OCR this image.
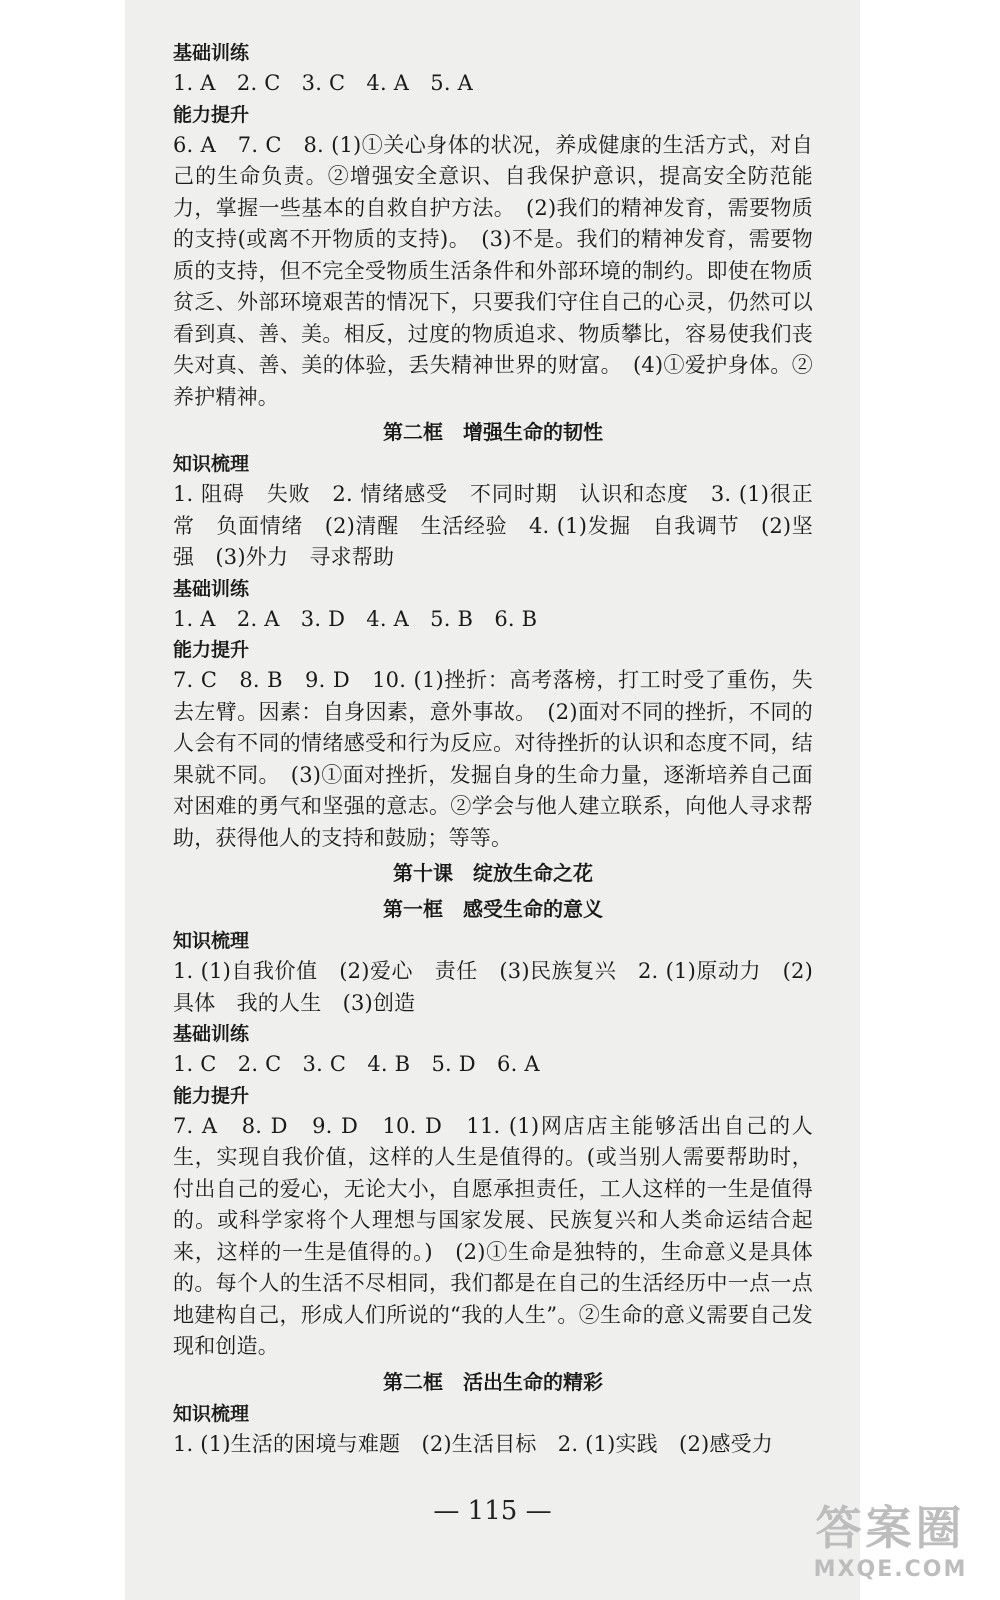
基础训练

1. A　2. C　3. C　4. A　5. A

能力提升

6. A　7. C　8. (1)①关心身体的状况，养成健康的生活方式，对自己的生命负责。②增强安全意识、自我保护意识，提高安全防范能力，掌握一些基本的自救自护方法。　(2)我们的精神发育，需要物质的支持(或离不开物质的支持)。　(3)不是。我们的精神发育，需要物质的支持，但不完全受物质生活条件和外部环境的制约。即使在物质贫乏、外部环境艰苦的情况下，只要我们守住自己的心灵，仍然可以看到真、善、美。相反，过度的物质追求、物质攀比，容易使我们丧失对真、善、美的体验，丢失精神世界的财富。　(4)①爱护身体。②养护精神。

第二框　增强生命的韧性

知识梳理

1. 阻碍　失败　2. 情绪感受　不同时期　认识和态度　3. (1)很正常　负面情绪　(2)清醒　生活经验　4. (1)发掘　自我调节　(2)坚强　(3)外力　寻求帮助

基础训练

1. A　2. A　3. D　4. A　5. B　6. B

能力提升

7. C　8. B　9. D　10. (1)挫折：高考落榜，打工时受了重伤，失去左臂。因素：自身因素，意外事故。　(2)面对不同的挫折，不同的人会有不同的情绪感受和行为反应。对待挫折的认识和态度不同，结果就不同。　(3)①面对挫折，发掘自身的生命力量，逐渐培养自己面对困难的勇气和坚强的意志。②学会与他人建立联系，向他人寻求帮助，获得他人的支持和鼓励；等等。

第十课　绽放生命之花

第一框　感受生命的意义

知识梳理

1. (1)自我价值　(2)爱心　责任　(3)民族复兴　2. (1)原动力　(2)具体　我的人生　(3)创造

基础训练

1. C　2. C　3. C　4. B　5. D　6. A

能力提升

7. A　8. D　9. D　10. D　11. (1)网店店主能够活出自己的人生，实现自我价值，这样的人生是值得的。(或当别人需要帮助时，付出自己的爱心，无论大小，自愿承担责任，工人这样的一生是值得的。或科学家将个人理想与国家发展、民族复兴和人类命运结合起来，这样的一生是值得的。)　(2)①生命是独特的，生命意义是具体的。每个人的生活不尽相同，我们都是在自己的生活经历中一点一点地建构自己，形成人们所说的“我的人生”。②生命的意义需要自己发现和创造。

第二框　活出生命的精彩

知识梳理

1. (1)生活的困境与难题　(2)生活目标　2. (1)实践　(2)感受力

— 115 —	答案圈
MXQE.COM
